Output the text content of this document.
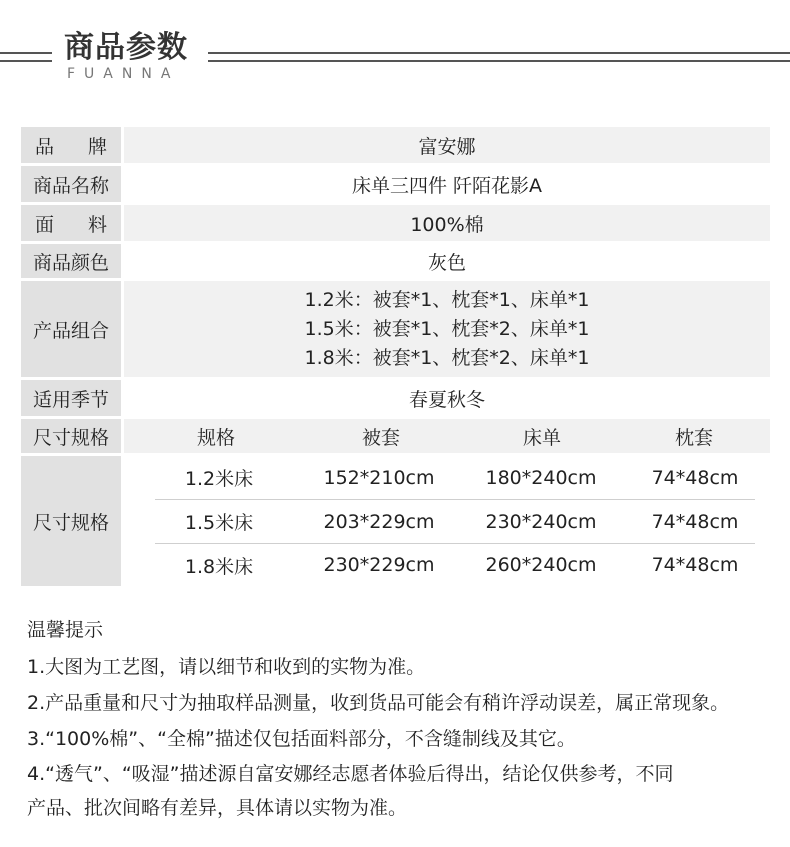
商品参数
FUANNA
品 牌	富安娜
商品名称	床单三四件 阡陌花影A
面 料	100%棉
商品颜色	灰色
产品组合
1.2米：被套*1、枕套*1、床单*1
1.5米：被套*1、枕套*2、床单*1
1.8米：被套*1、枕套*2、床单*1
适用季节	春夏秋冬
尺寸规格	规格	被套	床单	枕套
尺寸规格
1.2米床	152*210cm	180*240cm	74*48cm
1.5米床	203*229cm	230*240cm	74*48cm
1.8米床	230*229cm	260*240cm	74*48cm
温馨提示
1.大图为工艺图，请以细节和收到的实物为准。
2.产品重量和尺寸为抽取样品测量，收到货品可能会有稍许浮动误差，属正常现象。
3.“100%棉”、“全棉”描述仅包括面料部分，不含缝制线及其它。
4.“透气”、“吸湿”描述源自富安娜经志愿者体验后得出，结论仅供参考，不同
产品、批次间略有差异，具体请以实物为准。
